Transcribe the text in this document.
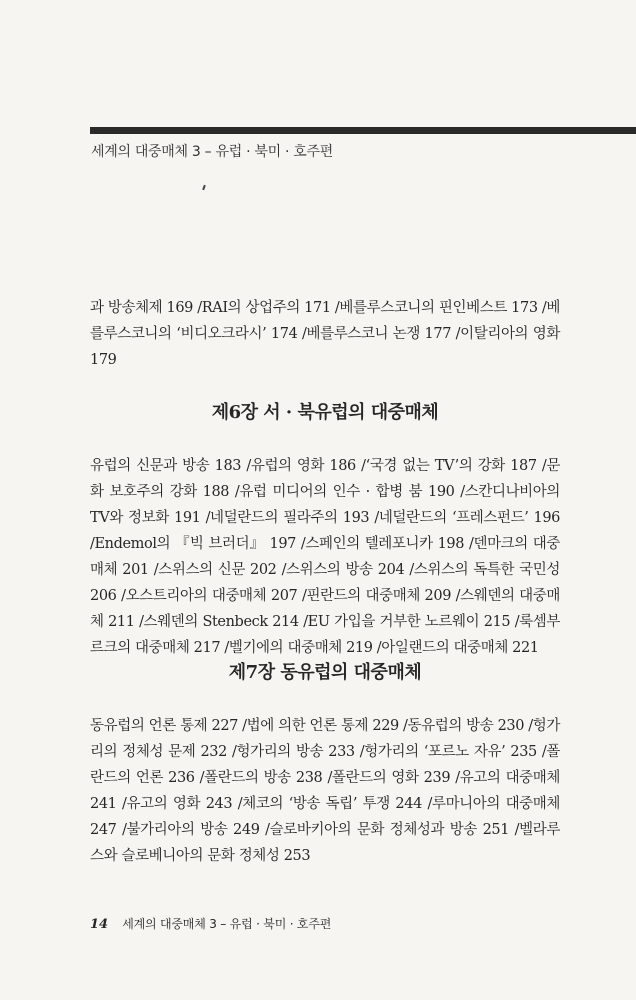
세계의 대중매체 3 – 유럽 · 북미 · 호주편

과 방송체제 169 /RAI의 상업주의 171 /베를루스코니의 핀인베스트 173 /베를루스코니의 ‘비디오크라시’ 174 /베를루스코니 논쟁 177 /이탈리아의 영화 179

제6장 서 · 북유럽의 대중매체

유럽의 신문과 방송 183 /유럽의 영화 186 /‘국경 없는 TV’의 강화 187 /문화 보호주의 강화 188 /유럽 미디어의 인수 · 합병 붐 190 /스칸디나비아의 TV와 정보화 191 /네덜란드의 필라주의 193 /네덜란드의 ‘프레스펀드’ 196 /Endemol의 『빅 브러더』 197 /스페인의 텔레포니카 198 /덴마크의 대중매체 201 /스위스의 신문 202 /스위스의 방송 204 /스위스의 독특한 국민성 206 /오스트리아의 대중매체 207 /핀란드의 대중매체 209 /스웨덴의 대중매체 211 /스웨덴의 Stenbeck 214 /EU 가입을 거부한 노르웨이 215 /룩셈부르크의 대중매체 217 /벨기에의 대중매체 219 /아일랜드의 대중매체 221

제7장 동유럽의 대중매체

동유럽의 언론 통제 227 /법에 의한 언론 통제 229 /동유럽의 방송 230 /헝가리의 정체성 문제 232 /헝가리의 방송 233 /헝가리의 ‘포르노 자유’ 235 /폴란드의 언론 236 /폴란드의 방송 238 /폴란드의 영화 239 /유고의 대중매체 241 /유고의 영화 243 /체코의 ‘방송 독립’ 투쟁 244 /루마니아의 대중매체 247 /불가리아의 방송 249 /슬로바키아의 문화 정체성과 방송 251 /벨라루스와 슬로베니아의 문화 정체성 253

14 세계의 대중매체 3 – 유럽 · 북미 · 호주편
